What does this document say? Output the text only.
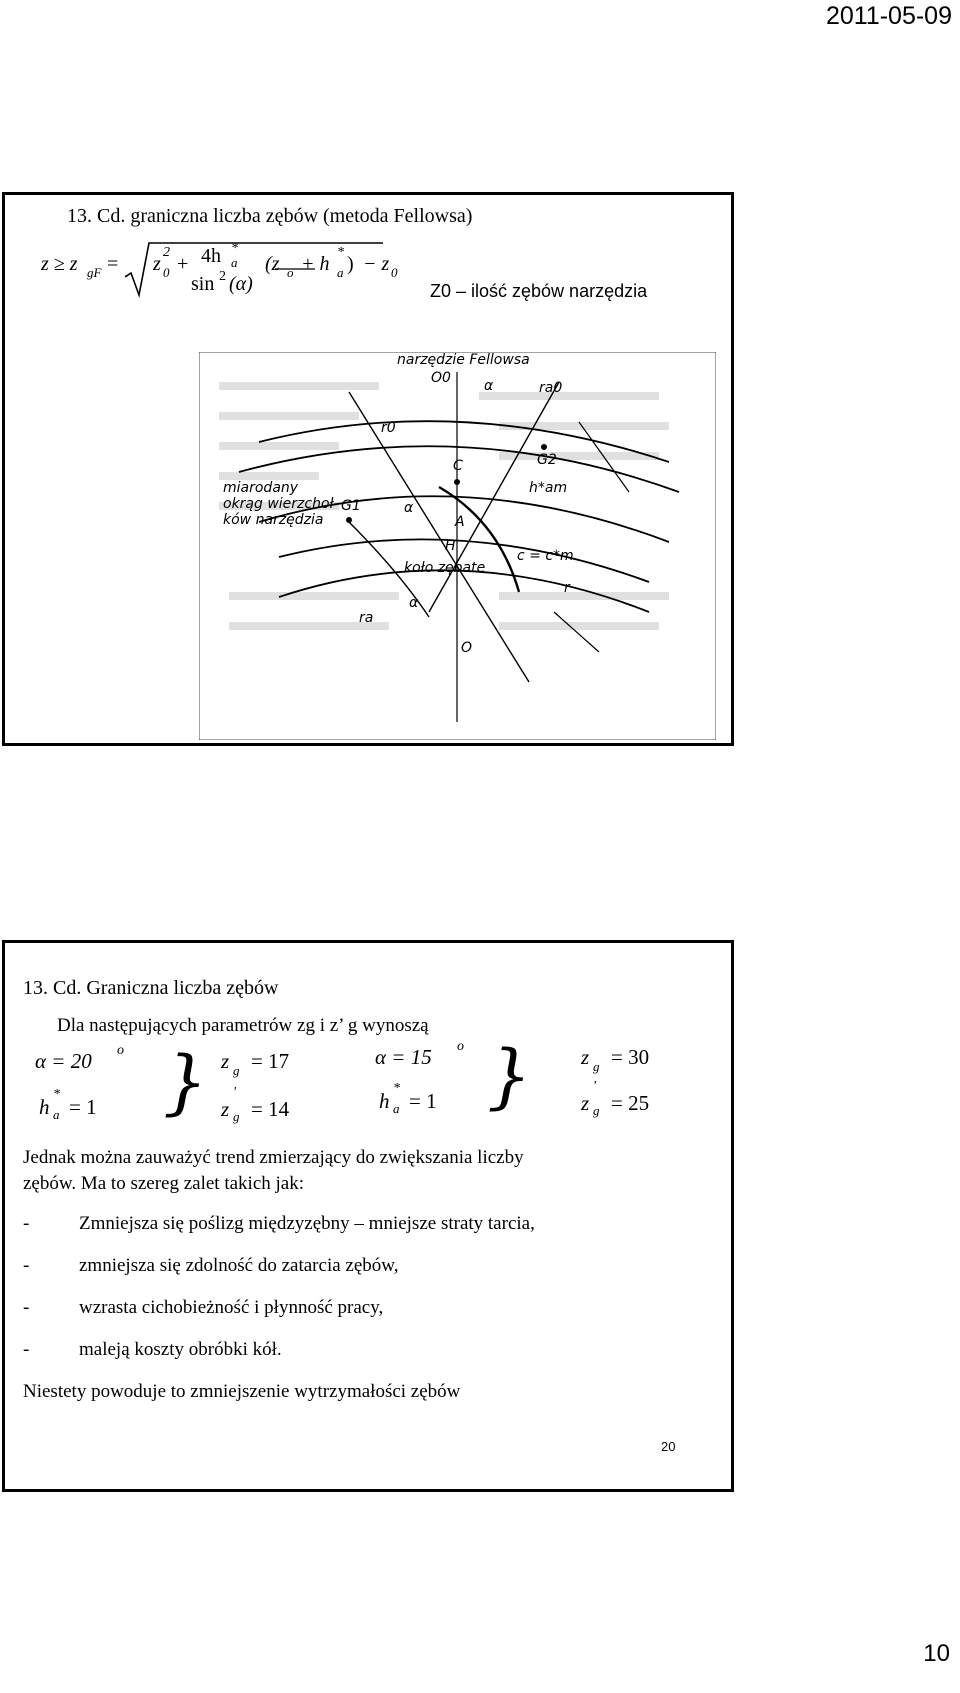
2011-05-09
13. Cd. graniczna liczba zębów (metoda Fellowsa)
z ≥ z gF = z 0
2
+ 4h *
a
sin 2 (α)
(z o + h
*
a ) − z 0
Z0 – ilość zębów narzędzia
narzędzie Fellowsa
O0
r0
α	ra0
G2
C
G1	α
A
H
h*am
r
ra
α
O
miarodany
okrąg wierzchoł-
ków narzędzia
koło zębate
c = c*m
13. Cd. Graniczna liczba zębów
Dla następujących parametrów zg i z’ g wynoszą
α = 20 o
h
*
a = 1 } z g = 17
z
'
g = 14
α = 15 o
h
*
a = 1 } z g = 30
z
'
g = 25
Jednak można zauważyć trend zmierzający do zwiększania liczby
zębów. Ma to szereg zalet takich jak:
-	Zmniejsza się poślizg międzyzębny – mniejsze straty tarcia,
-	zmniejsza się zdolność do zatarcia zębów,
-	wzrasta cichobieżność i płynność pracy,
-	maleją koszty obróbki kół.
Niestety powoduje to zmniejszenie wytrzymałości zębów
20
10
